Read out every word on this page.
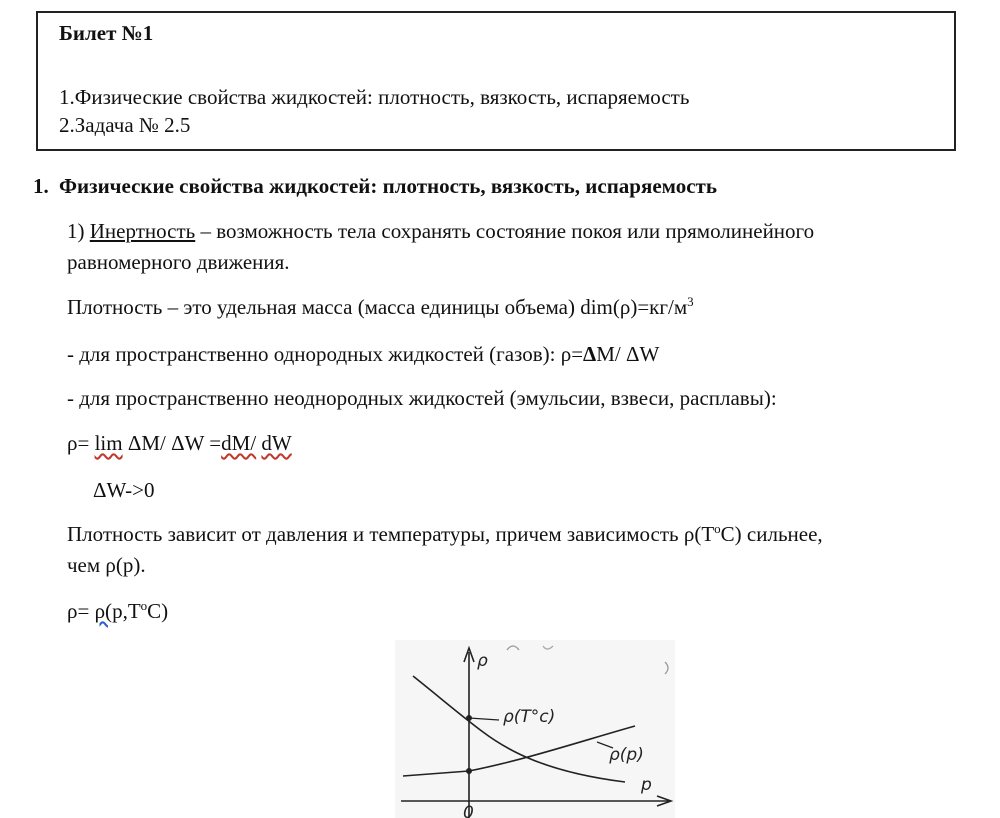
Билет №1
1.Физические свойства жидкостей: плотность, вязкость, испаряемость
2.Задача № 2.5
1. Физические свойства жидкостей: плотность, вязкость, испаряемость
1) Инертность – возможность тела сохранять состояние покоя или прямолинейного
равномерного движения.
Плотность – это удельная масса (масса единицы объема) $dim(\rho)=кг/м^3$
- для пространственно однородных жидкостей (газов): ρ=ΔM/ ΔW
- для пространственно неоднородных жидкостей (эмульсии, взвеси, расплавы):
ρ= lim ΔM/ ΔW =dM/ dW
ΔW->0
Плотность зависит от давления и температуры, причем зависимость $\rho(T^oC)$ сильнее,
чем ρ(p).
$\rho= \rho(p,T^oC)$
ρ
p
ρ(T°c)
ρ(p)
0
